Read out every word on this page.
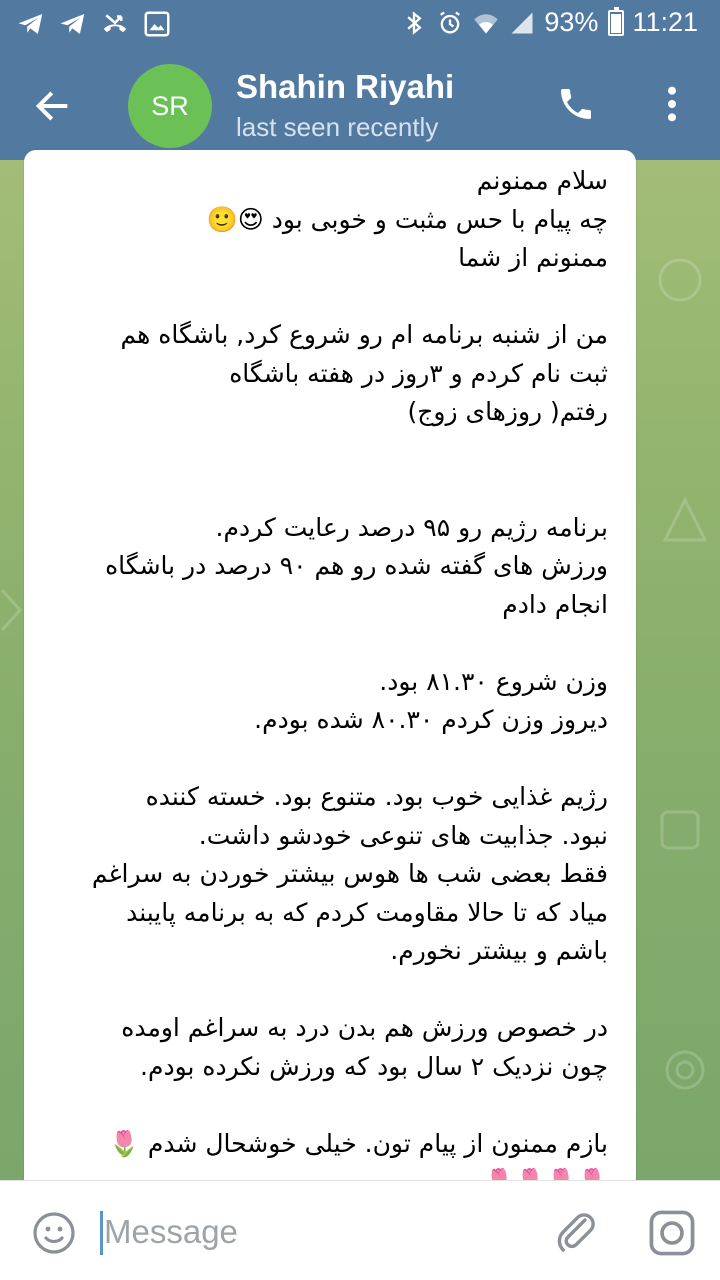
93% 11:21
SR
Shahin Riyahi
last seen recently
سلام ممنونم
چه پیام با حس مثبت و خوبی بود 😍🙂
ممنونم از شما

من از شنبه برنامه ام رو شروع کرد, باشگاه هم
ثبت نام کردم و ۳روز در هفته باشگاه
رفتم( روزهای زوج)

برنامه رژیم رو ۹۵ درصد رعایت کردم.
ورزش های گفته شده رو هم ۹۰ درصد در باشگاه
انجام دادم

وزن شروع ۸۱.۳۰ بود.
دیروز وزن کردم ۸۰.۳۰ شده بودم.

رژیم غذایی خوب بود. متنوع بود. خسته کننده
نبود. جذابیت های تنوعی خودشو داشت.
فقط بعضی شب ها هوس بیشتر خوردن به سراغم
میاد که تا حالا مقاومت کردم که به برنامه پایبند
باشم و بیشتر نخورم.

در خصوص ورزش هم بدن درد به سراغم اومده
چون نزدیک ۲ سال بود که ورزش نکرده بودم.

بازم ممنون از پیام تون. خیلی خوشحال شدم 🌷

Message
